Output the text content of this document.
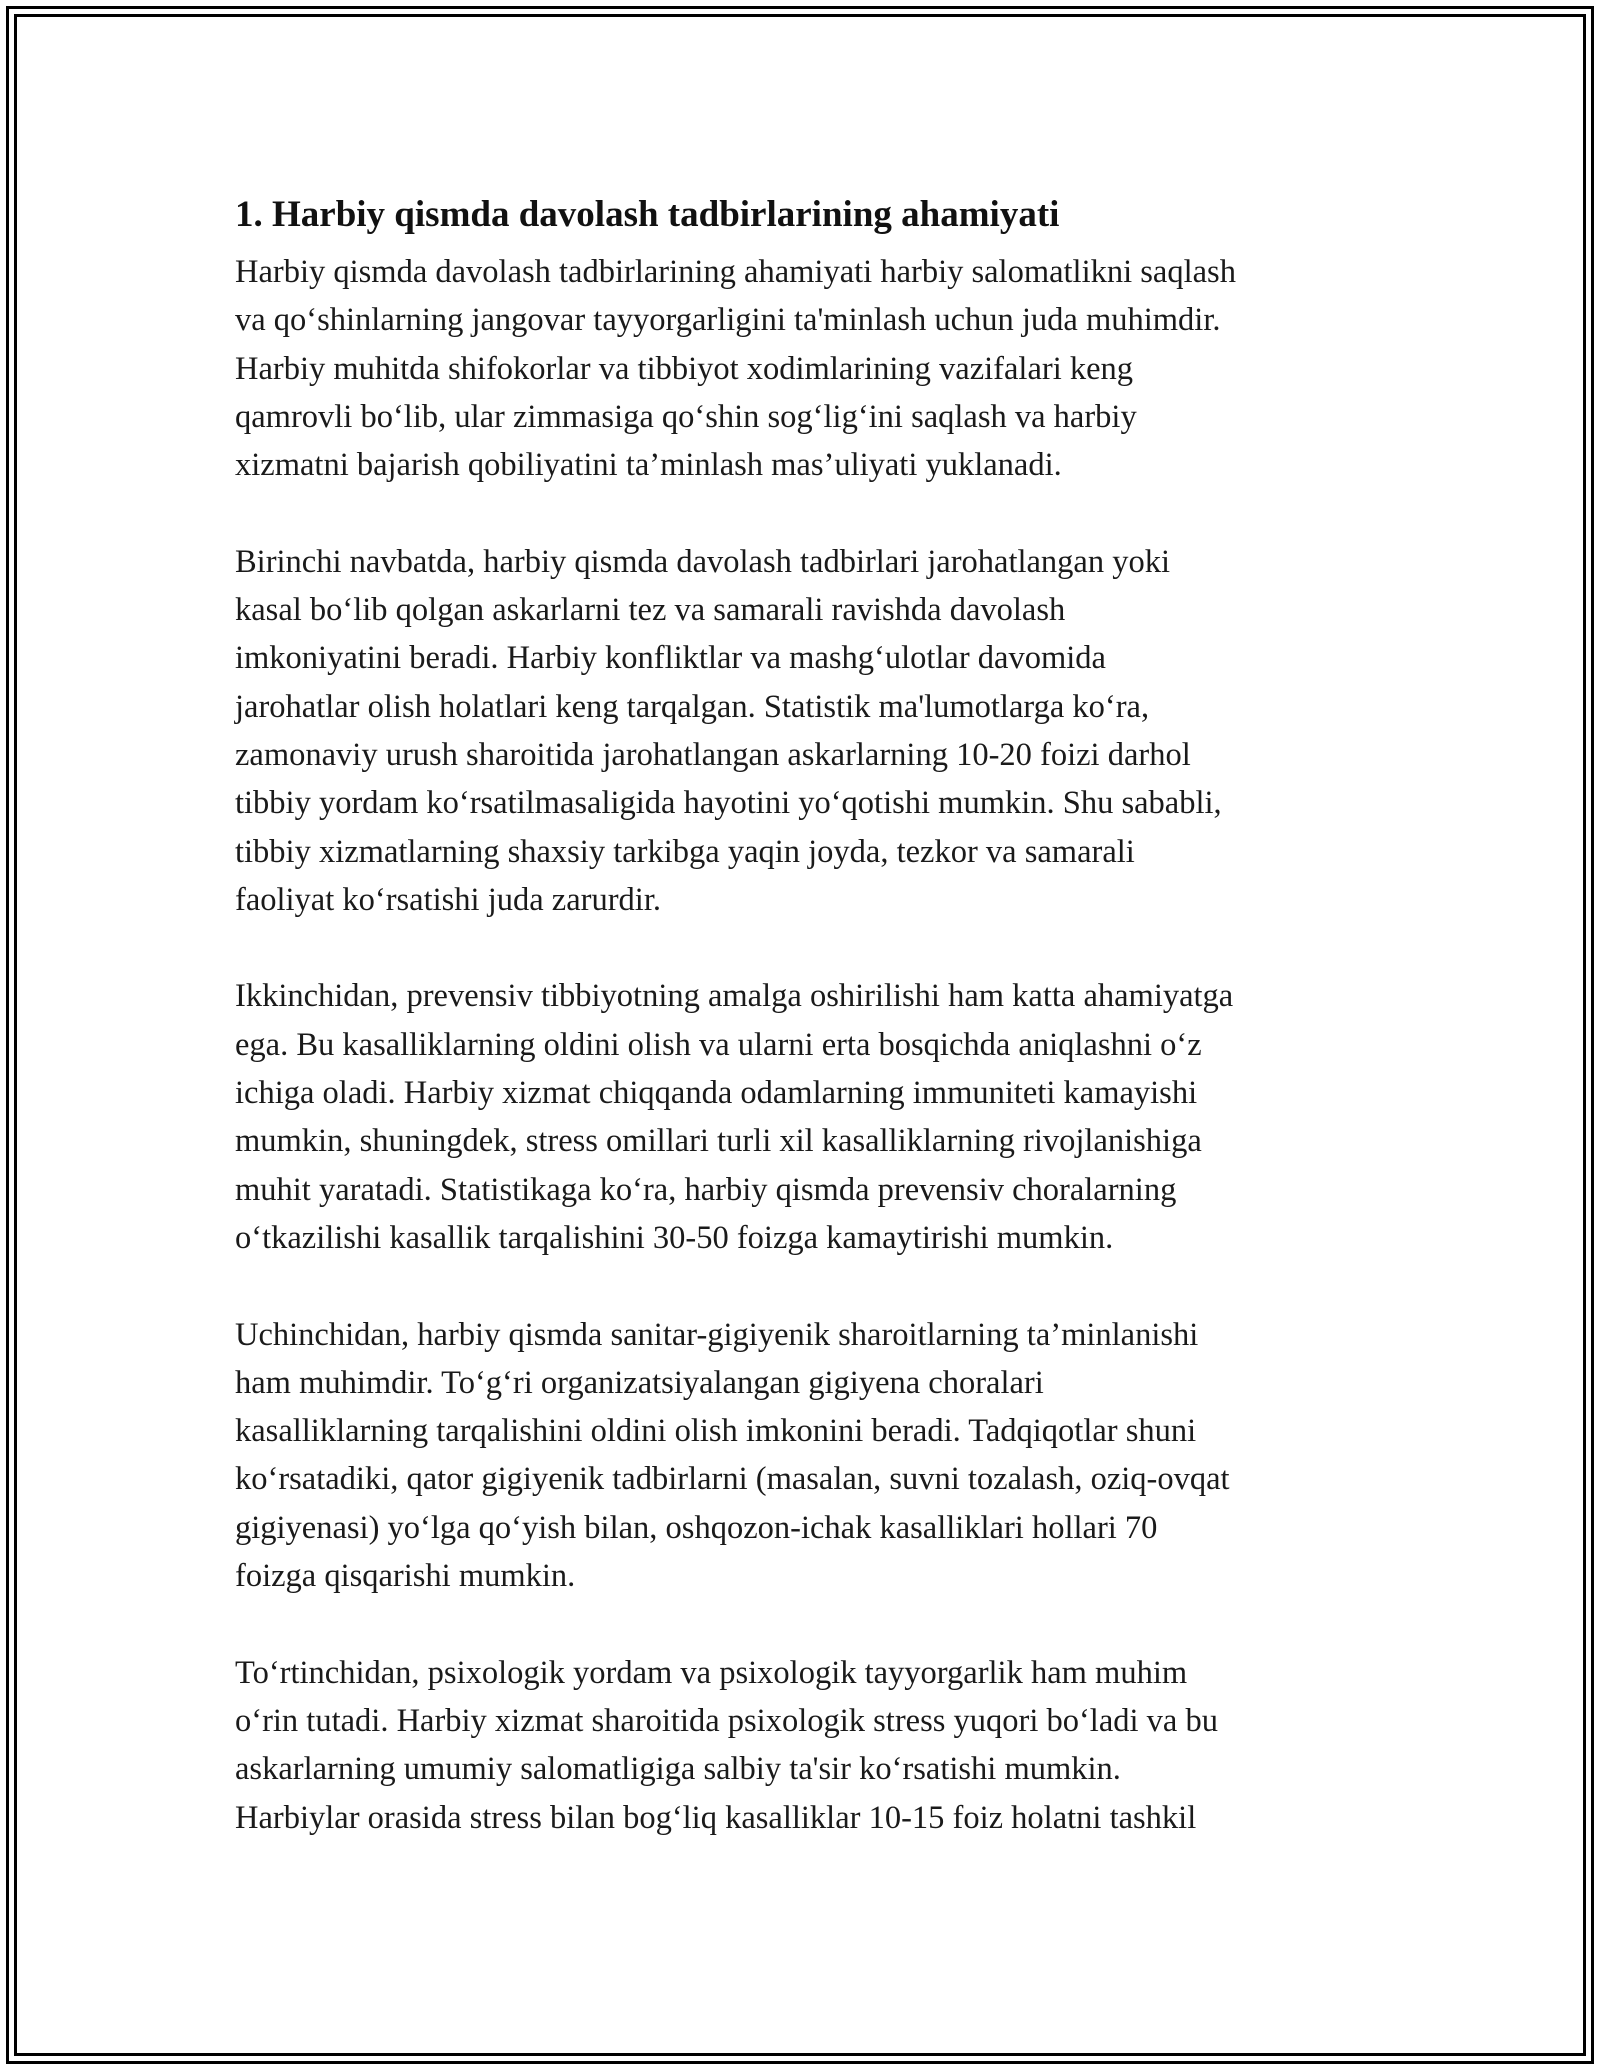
1. Harbiy qismda davolash tadbirlarining ahamiyati
Harbiy qismda davolash tadbirlarining ahamiyati harbiy salomatlikni saqlash
va qo‘shinlarning jangovar tayyorgarligini ta'minlash uchun juda muhimdir.
Harbiy muhitda shifokorlar va tibbiyot xodimlarining vazifalari keng
qamrovli bo‘lib, ular zimmasiga qo‘shin sog‘lig‘ini saqlash va harbiy
xizmatni bajarish qobiliyatini ta’minlash mas’uliyati yuklanadi.
Birinchi navbatda, harbiy qismda davolash tadbirlari jarohatlangan yoki
kasal bo‘lib qolgan askarlarni tez va samarali ravishda davolash
imkoniyatini beradi. Harbiy konfliktlar va mashg‘ulotlar davomida
jarohatlar olish holatlari keng tarqalgan. Statistik ma'lumotlarga ko‘ra,
zamonaviy urush sharoitida jarohatlangan askarlarning 10-20 foizi darhol
tibbiy yordam ko‘rsatilmasaligida hayotini yo‘qotishi mumkin. Shu sababli,
tibbiy xizmatlarning shaxsiy tarkibga yaqin joyda, tezkor va samarali
faoliyat ko‘rsatishi juda zarurdir.
Ikkinchidan, prevensiv tibbiyotning amalga oshirilishi ham katta ahamiyatga
ega. Bu kasalliklarning oldini olish va ularni erta bosqichda aniqlashni o‘z
ichiga oladi. Harbiy xizmat chiqqanda odamlarning immuniteti kamayishi
mumkin, shuningdek, stress omillari turli xil kasalliklarning rivojlanishiga
muhit yaratadi. Statistikaga ko‘ra, harbiy qismda prevensiv choralarning
o‘tkazilishi kasallik tarqalishini 30-50 foizga kamaytirishi mumkin.
Uchinchidan, harbiy qismda sanitar-gigiyenik sharoitlarning ta’minlanishi
ham muhimdir. To‘g‘ri organizatsiyalangan gigiyena choralari
kasalliklarning tarqalishini oldini olish imkonini beradi. Tadqiqotlar shuni
ko‘rsatadiki, qator gigiyenik tadbirlarni (masalan, suvni tozalash, oziq-ovqat
gigiyenasi) yo‘lga qo‘yish bilan, oshqozon-ichak kasalliklari hollari 70
foizga qisqarishi mumkin.
To‘rtinchidan, psixologik yordam va psixologik tayyorgarlik ham muhim
o‘rin tutadi. Harbiy xizmat sharoitida psixologik stress yuqori bo‘ladi va bu
askarlarning umumiy salomatligiga salbiy ta'sir ko‘rsatishi mumkin.
Harbiylar orasida stress bilan bog‘liq kasalliklar 10-15 foiz holatni tashkil
